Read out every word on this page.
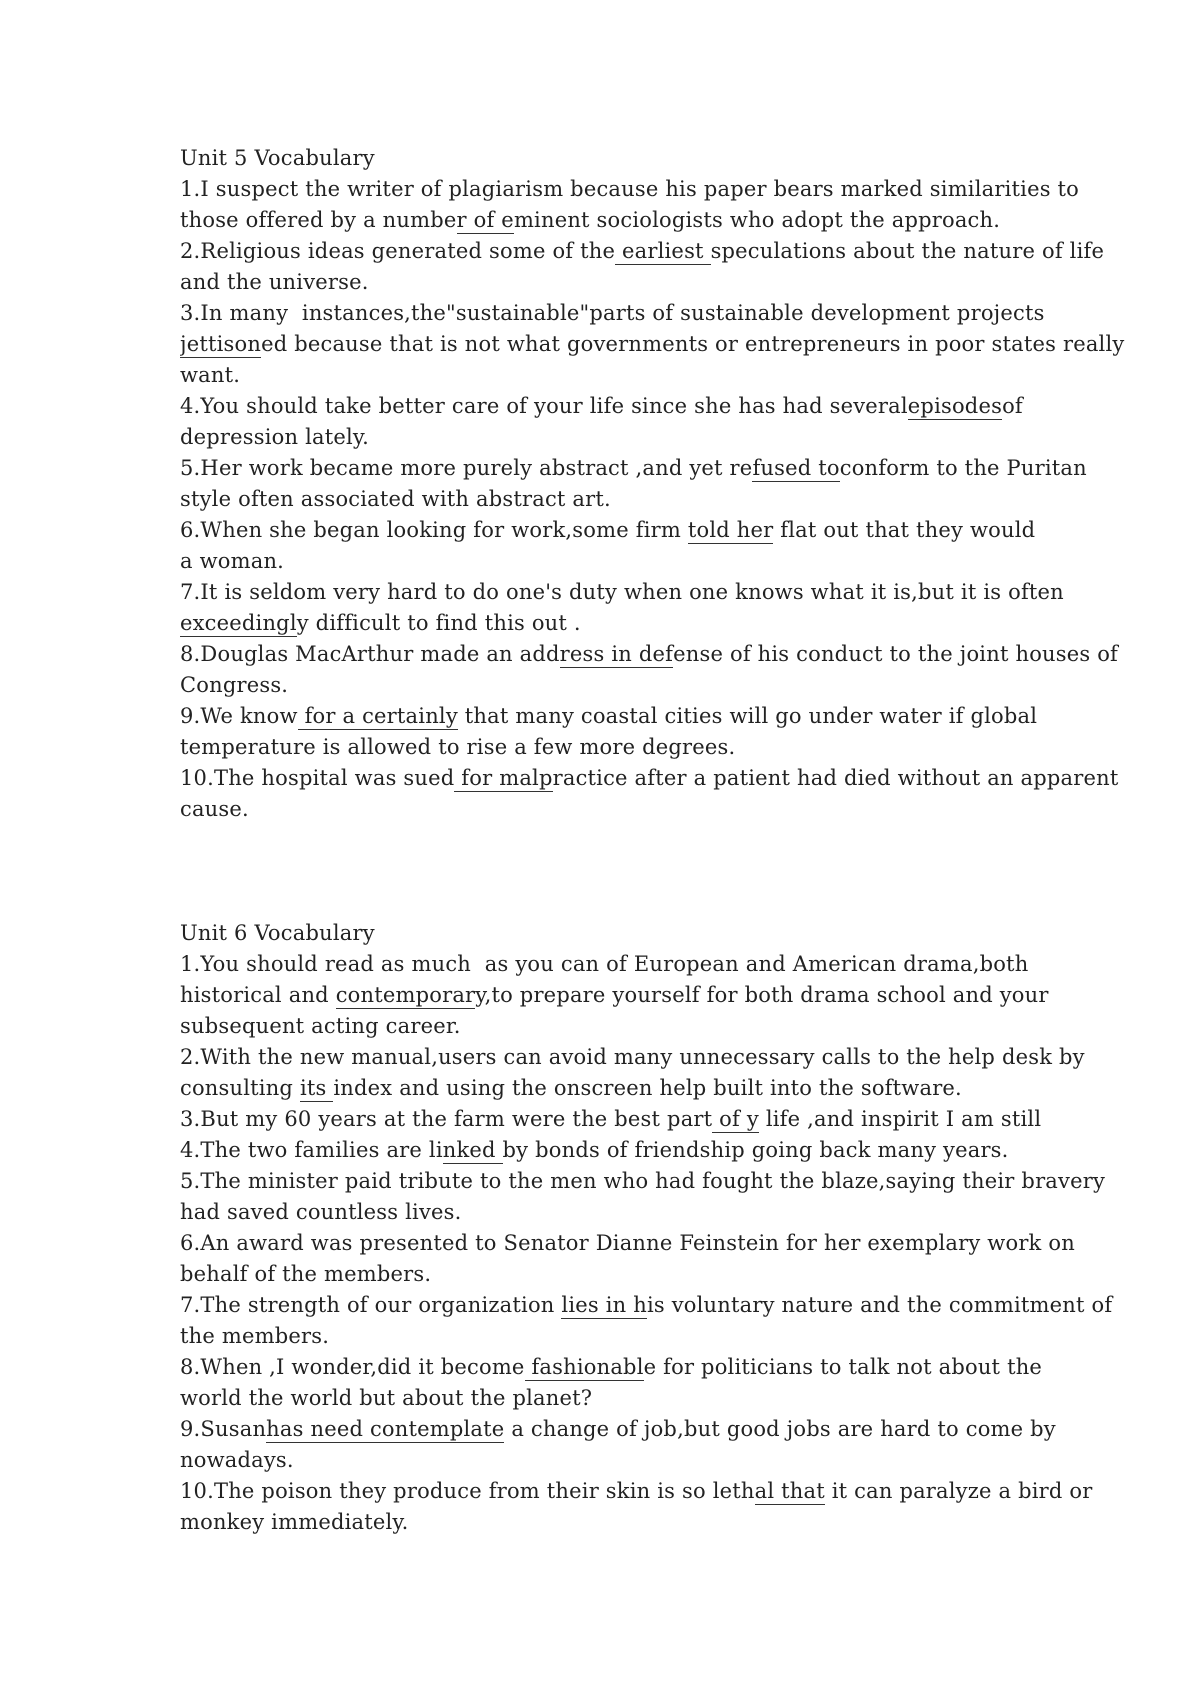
Unit 5 Vocabulary
1.I suspect the writer of plagiarism because his paper bears marked similarities to
those offered by a number of eminent sociologists who adopt the approach.
2.Religious ideas generated some of the earliest speculations about the nature of life
and the universe.
3.In many  instances,the"sustainable"parts of sustainable development projects
jettisoned because that is not what governments or entrepreneurs in poor states really
want.
4.You should take better care of your life since she has had severalepisodesof
depression lately.
5.Her work became more purely abstract ,and yet refused toconform to the Puritan
style often associated with abstract art.
6.When she began looking for work,some firm told her flat out that they would
a woman.
7.It is seldom very hard to do one's duty when one knows what it is,but it is often
exceedingly difficult to find this out .
8.Douglas MacArthur made an address in defense of his conduct to the joint houses of
Congress.
9.We know for a certainly that many coastal cities will go under water if global
temperature is allowed to rise a few more degrees.
10.The hospital was sued for malpractice after a patient had died without an apparent
cause.
Unit 6 Vocabulary
1.You should read as much  as you can of European and American drama,both
historical and contemporary,to prepare yourself for both drama school and your
subsequent acting career.
2.With the new manual,users can avoid many unnecessary calls to the help desk by
consulting its index and using the onscreen help built into the software.
3.But my 60 years at the farm were the best part of y life ,and inspirit I am still
4.The two families are linked by bonds of friendship going back many years.
5.The minister paid tribute to the men who had fought the blaze,saying their bravery
had saved countless lives.
6.An award was presented to Senator Dianne Feinstein for her exemplary work on
behalf of the members.
7.The strength of our organization lies in his voluntary nature and the commitment of
the members.
8.When ,I wonder,did it become fashionable for politicians to talk not about the
world the world but about the planet?
9.Susanhas need contemplate a change of job,but good jobs are hard to come by
nowadays.
10.The poison they produce from their skin is so lethal that it can paralyze a bird or
monkey immediately.
